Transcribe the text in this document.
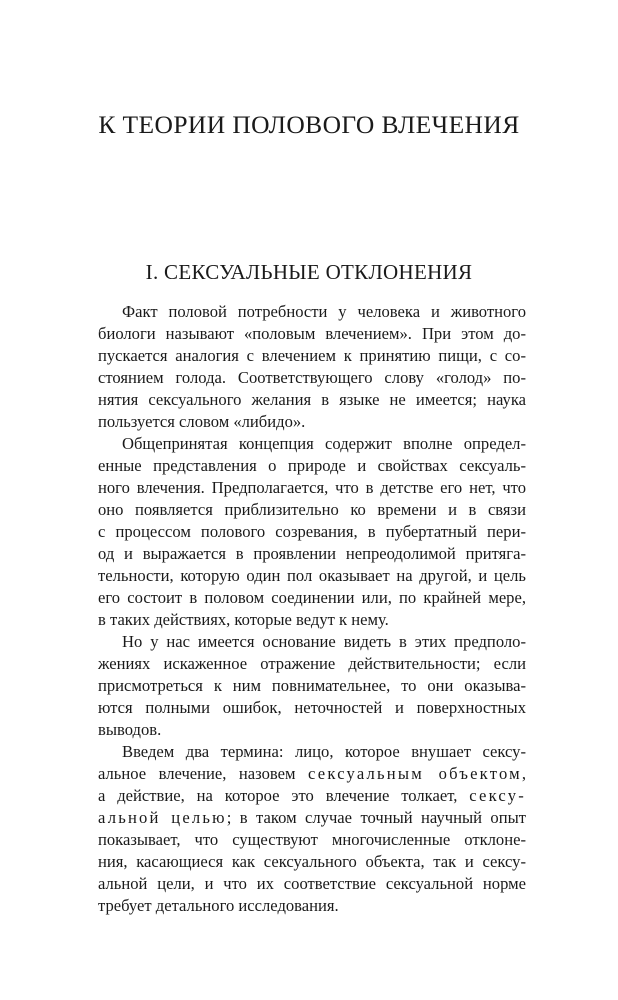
К ТЕОРИИ ПОЛОВОГО ВЛЕЧЕНИЯ
I. СЕКСУАЛЬНЫЕ ОТКЛОНЕНИЯ
Факт половой потребности у человека и животного
биологи называют «половым влечением». При этом до-
пускается аналогия с влечением к принятию пищи, с со-
стоянием голода. Соответствующего слову «голод» по-
нятия сексуального желания в языке не имеется; наука
пользуется словом «либидо».
Общепринятая концепция содержит вполне определ-
енные представления о природе и свойствах сексуаль-
ного влечения. Предполагается, что в детстве его нет, что
оно появляется приблизительно ко времени и в связи
с процессом полового созревания, в пубертатный пери-
од и выражается в проявлении непреодолимой притяга-
тельности, которую один пол оказывает на другой, и цель
его состоит в половом соединении или, по крайней мере,
в таких действиях, которые ведут к нему.
Но у нас имеется основание видеть в этих предполо-
жениях искаженное отражение действительности; если
присмотреться к ним повнимательнее, то они оказыва-
ются полными ошибок, неточностей и поверхностных
выводов.
Введем два термина: лицо, которое внушает сексу-
альное влечение, назовем сексуальным объектом,
а действие, на которое это влечение толкает, сексу-
альной целью; в таком случае точный научный опыт
показывает, что существуют многочисленные отклоне-
ния, касающиеся как сексуального объекта, так и сексу-
альной цели, и что их соответствие сексуальной норме
требует детального исследования.
